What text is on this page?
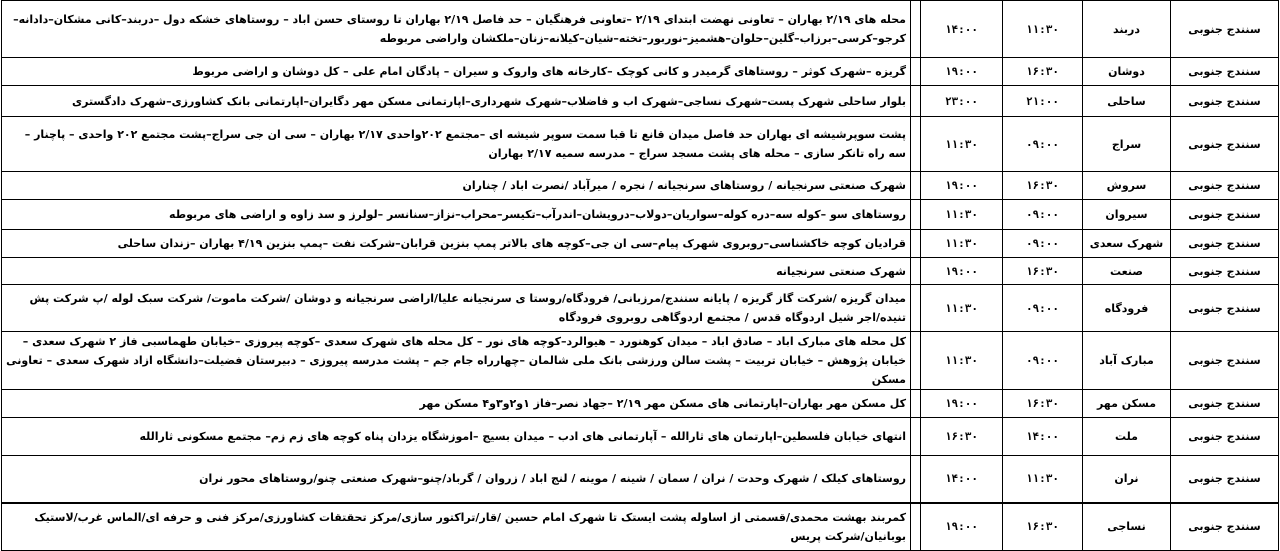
سنندج جنوبی	دربند	۱۱:۳۰	۱۴:۰۰		محله های ۲/۱۹ بهاران – تعاونی نهضت ابتدای ۲/۱۹ –تعاونی فرهنگیان – حد فاصل ۲/۱۹ بهاران تا روستای حسن اباد – روستاهای خشکه دول –دربند–کانی مشکان–دادانه–کرجو–کرسی–برزاب–گلین–حلوان–هشمیز–نوربور–تخته–شیان–کیلانه–زنان–ملکشان واراضی مربوطه
سنندج جنوبی	دوشان	۱۶:۳۰	۱۹:۰۰		گریزه –شهرک کوثر – روستاهای گرمیدر و کانی کوچک –کارخانه های واروک و سیران – پادگان امام علی – کل دوشان و اراضی مربوط
سنندج جنوبی	ساحلی	۲۱:۰۰	۲۳:۰۰		بلوار ساحلی شهرک پست–شهرک نساجی–شهرک اب و فاضلاب–شهرک شهرداری–اپارتمانی مسکن مهر دگایران–اپارتمانی بانک کشاورزی–شهرک دادگستری
سنندج جنوبی	سراج	۰۹:۰۰	۱۱:۳۰		پشت سوپرشیشه ای بهاران حد فاصل میدان قانع تا قبا سمت سوپر شیشه ای –مجتمع ۲۰۲واحدی ۲/۱۷ بهاران – سی ان جی سراج–پشت مجتمع ۲۰۲ واحدی – پاچنار – سه راه تانکر سازی – محله های پشت مسجد سراج – مدرسه سمیه ۲/۱۷ بهاران
سنندج جنوبی	سروش	۱۶:۳۰	۱۹:۰۰		شهرک صنعتی سرنجیانه / روستاهای سرنجیانه / نجره / میرآباد /نصرت اباد / چناران
سنندج جنوبی	سیروان	۰۹:۰۰	۱۱:۳۰		روستاهای سو –کوله سه–دره کوله–سواریان–دولاب–درویشان–اندرآب–تکیسر–محراب–نزاز–سنانسر –لولرز و سد زاوه و اراضی های مربوطه
سنندج جنوبی	شهرک سعدی	۰۹:۰۰	۱۱:۳۰		قرادیان کوچه خاکشناسی–روبروی شهرک پیام–سی ان جی–کوچه های بالاتر پمپ بنزین قرابان–شرکت نفت –پمپ بنزین ۴/۱۹ بهاران –زندان ساحلی
سنندج جنوبی	صنعت	۱۶:۳۰	۱۹:۰۰		شهرک صنعتی سرنجیانه
سنندج جنوبی	فرودگاه	۰۹:۰۰	۱۱:۳۰		میدان گریزه /شرکت گاز گریزه / پایانه سنندج/مرزبانی/ فرودگاه/روستا ی سرنجیانه علیا/اراضی سرنجیانه و دوشان /شرکت ماموت/ شرکت سبک لوله /پ شرکت پش تنیده/اجر شیل اردوگاه قدس / مجتمع اردوگاهی روبروی فرودگاه
سنندج جنوبی	مبارک آباد	۰۹:۰۰	۱۱:۳۰		کل محله های مبارک اباد – صادق اباد – میدان کوهنورد – هیوالرد–کوچه های نور – کل محله های شهرک سعدی –کوچه پیروزی –خیابان طهماسبی فاز ۲ شهرک سعدی – خیابان پژوهش – خیابان تربیت – پشت سالن ورزشی بانک ملی شالمان –چهارراه جام جم – پشت مدرسه پیروزی – دبیرستان فضیلت–دانشگاه ازاد شهرک سعدی – تعاونی مسکن
سنندج جنوبی	مسکن مهر	۱۶:۳۰	۱۹:۰۰		کل مسکن مهر بهاران–اپارتمانی های مسکن مهر ۲/۱۹ –جهاد نصر–فاز ۱و۲و۳و۴ مسکن مهر
سنندج جنوبی	ملت	۱۴:۰۰	۱۶:۳۰		انتهای خیابان فلسطین–اپارتمان های ثارالله – آپارتمانی های ادب – میدان بسیج –اموزشگاه یزدان پناه کوچه های زم زم– مجتمع مسکونی ثارالله
سنندج جنوبی	نران	۱۱:۳۰	۱۴:۰۰		روستاهای کیلک / شهرک وحدت / نران / سمان / شینه / موینه / لنج اباد / زروان / گرباد/چنو–شهرک صنعتی چنو/روستاهای محور نران
سنندج جنوبی	نساجی	۱۶:۳۰	۱۹:۰۰		کمربند بهشت محمدی/قسمتی از اساوله پشت ایستک تا شهرک امام حسین /قار/تراکتور سازی/مرکز تحقتقات کشاورزی/مرکز فنی و حرفه ای/الماس غرب/لاستیک بوبانیان/شرکت پریس
